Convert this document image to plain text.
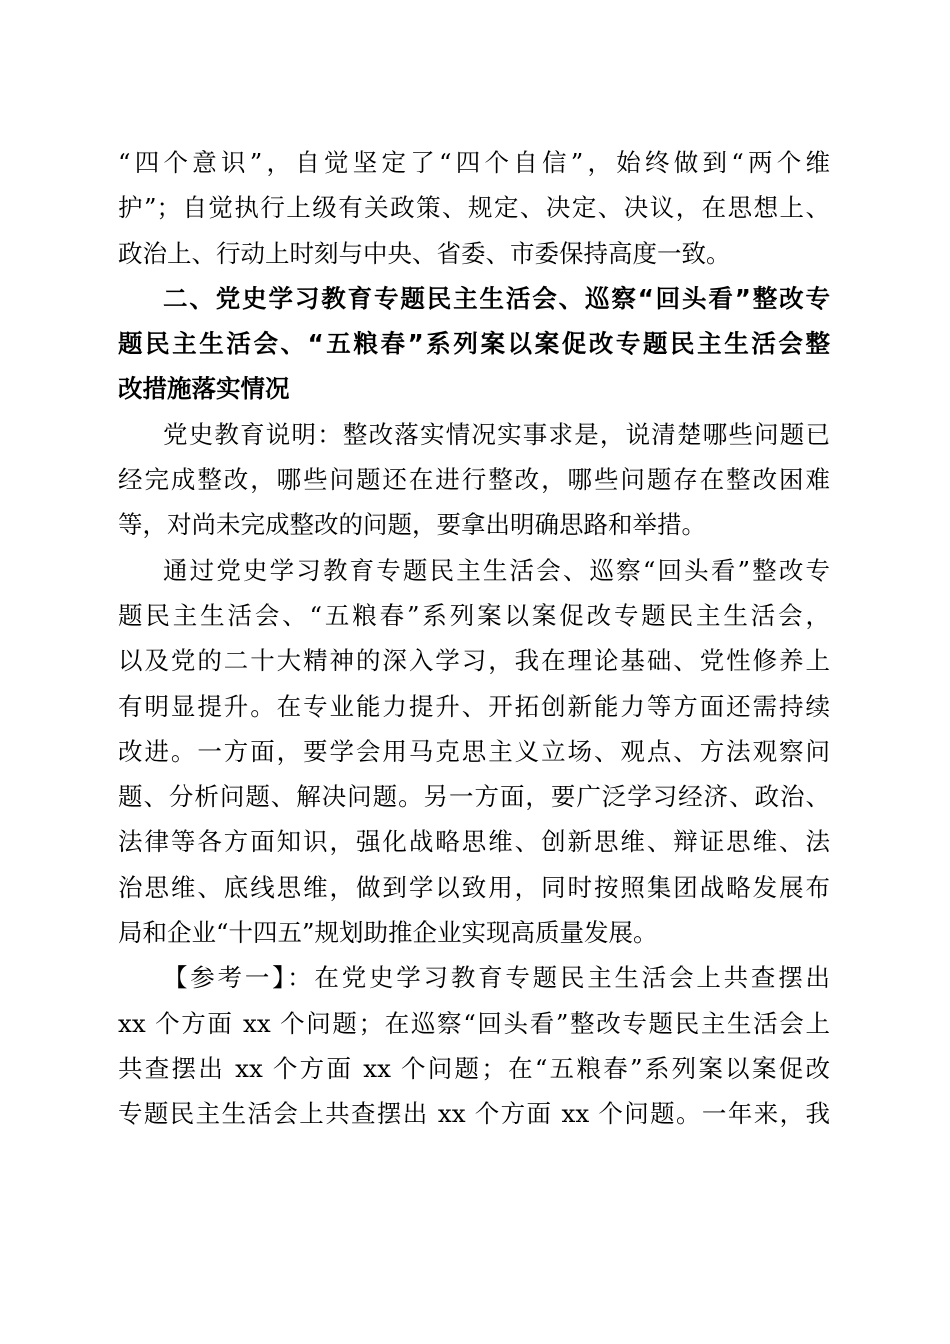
“四个意识”，自觉坚定了“四个自信”，始终做到“两个维
护”；自觉执行上级有关政策、规定、决定、决议，在思想上、
政治上、行动上时刻与中央、省委、市委保持高度一致。
二、党史学习教育专题民主生活会、巡察“回头看”整改专
题民主生活会、“五粮春”系列案以案促改专题民主生活会整
改措施落实情况
党史教育说明：整改落实情况实事求是，说清楚哪些问题已
经完成整改，哪些问题还在进行整改，哪些问题存在整改困难
等，对尚未完成整改的问题，要拿出明确思路和举措。
通过党史学习教育专题民主生活会、巡察“回头看”整改专
题民主生活会、“五粮春”系列案以案促改专题民主生活会，
以及党的二十大精神的深入学习，我在理论基础、党性修养上
有明显提升。在专业能力提升、开拓创新能力等方面还需持续
改进。一方面，要学会用马克思主义立场、观点、方法观察问
题、分析问题、解决问题。另一方面，要广泛学习经济、政治、
法律等各方面知识，强化战略思维、创新思维、辩证思维、法
治思维、底线思维，做到学以致用，同时按照集团战略发展布
局和企业“十四五”规划助推企业实现高质量发展。
【参考一】：在党史学习教育专题民主生活会上共查摆出
xx 个方面 xx 个问题；在巡察“回头看”整改专题民主生活会上
共查摆出 xx 个方面 xx 个问题；在“五粮春”系列案以案促改
专题民主生活会上共查摆出 xx 个方面 xx 个问题。一年来，我
